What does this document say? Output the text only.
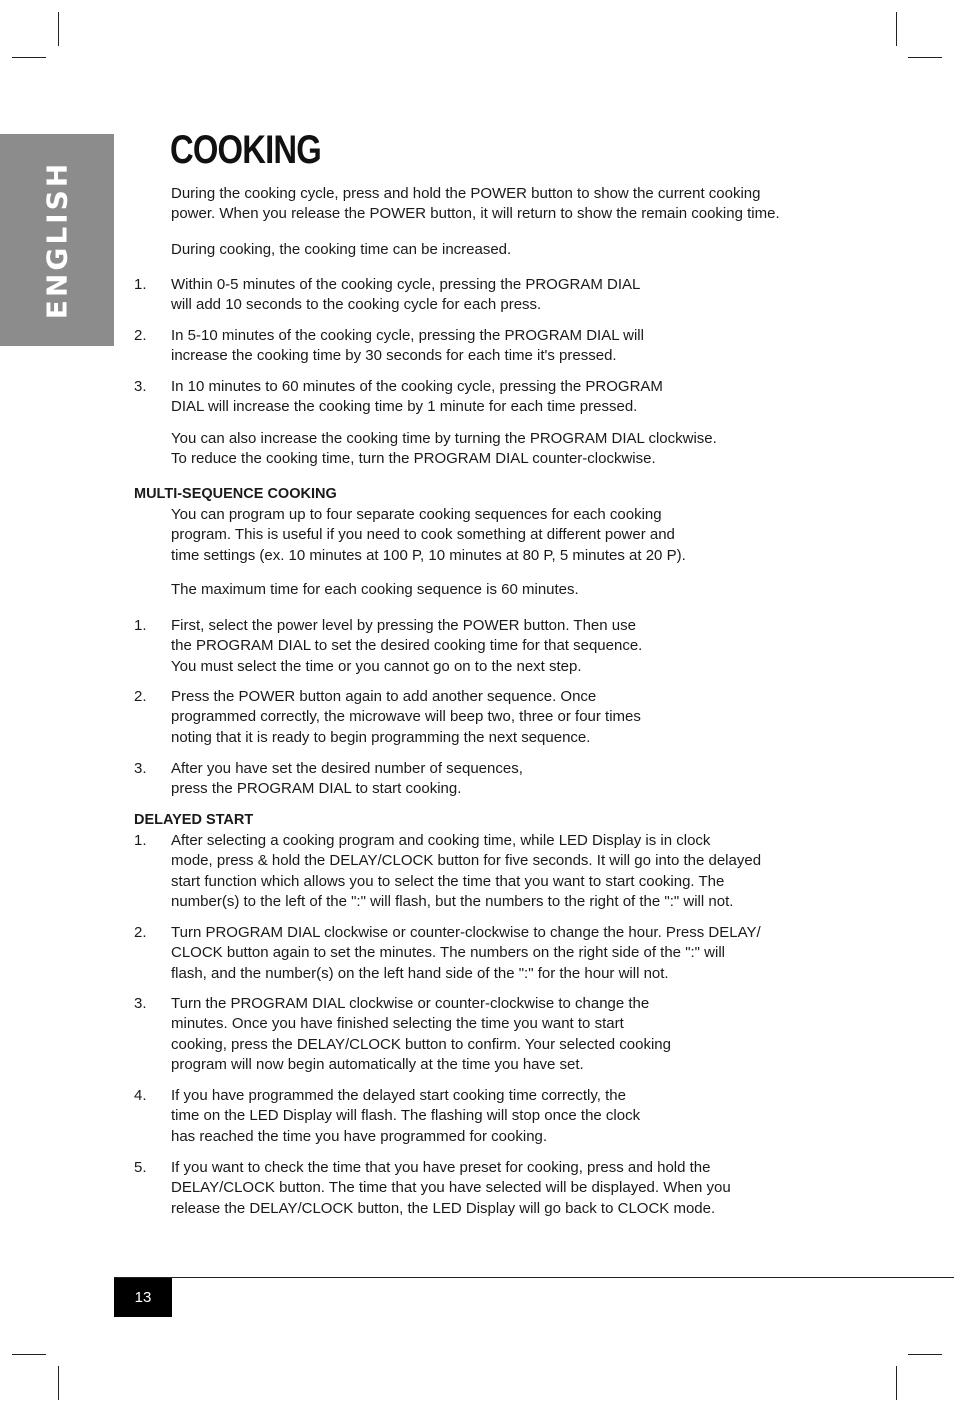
ENGLISH
COOKING

During the cooking cycle, press and hold the POWER button to show the current cooking
power. When you release the POWER button, it will return to show the remain cooking time.

During cooking, the cooking time can be increased.

1. Within 0-5 minutes of the cooking cycle, pressing the PROGRAM DIAL
will add 10 seconds to the cooking cycle for each press.

2. In 5-10 minutes of the cooking cycle, pressing the PROGRAM DIAL will
increase the cooking time by 30 seconds for each time it's pressed.

3. In 10 minutes to 60 minutes of the cooking cycle, pressing the PROGRAM
DIAL will increase the cooking time by 1 minute for each time pressed.

You can also increase the cooking time by turning the PROGRAM DIAL clockwise.
To reduce the cooking time, turn the PROGRAM DIAL counter-clockwise.

MULTI-SEQUENCE COOKING

You can program up to four separate cooking sequences for each cooking
program. This is useful if you need to cook something at different power and
time settings (ex. 10 minutes at 100 P, 10 minutes at 80 P, 5 minutes at 20 P).

The maximum time for each cooking sequence is 60 minutes.

1. First, select the power level by pressing the POWER button. Then use
the PROGRAM DIAL to set the desired cooking time for that sequence.
You must select the time or you cannot go on to the next step.

2. Press the POWER button again to add another sequence. Once
programmed correctly, the microwave will beep two, three or four times
noting that it is ready to begin programming the next sequence.

3. After you have set the desired number of sequences,
press the PROGRAM DIAL to start cooking.

DELAYED START
1. After selecting a cooking program and cooking time, while LED Display is in clock
mode, press & hold the DELAY/CLOCK button for five seconds. It will go into the delayed
start function which allows you to select the time that you want to start cooking. The
number(s) to the left of the ":" will flash, but the numbers to the right of the ":" will not.

2. Turn PROGRAM DIAL clockwise or counter-clockwise to change the hour. Press DELAY/
CLOCK button again to set the minutes. The numbers on the right side of the ":" will
flash, and the number(s) on the left hand side of the ":" for the hour will not.

3. Turn the PROGRAM DIAL clockwise or counter-clockwise to change the
minutes. Once you have finished selecting the time you want to start
cooking, press the DELAY/CLOCK button to confirm. Your selected cooking
program will now begin automatically at the time you have set.

4. If you have programmed the delayed start cooking time correctly, the
time on the LED Display will flash. The flashing will stop once the clock
has reached the time you have programmed for cooking.

5. If you want to check the time that you have preset for cooking, press and hold the
DELAY/CLOCK button. The time that you have selected will be displayed. When you
release the DELAY/CLOCK button, the LED Display will go back to CLOCK mode.

13
